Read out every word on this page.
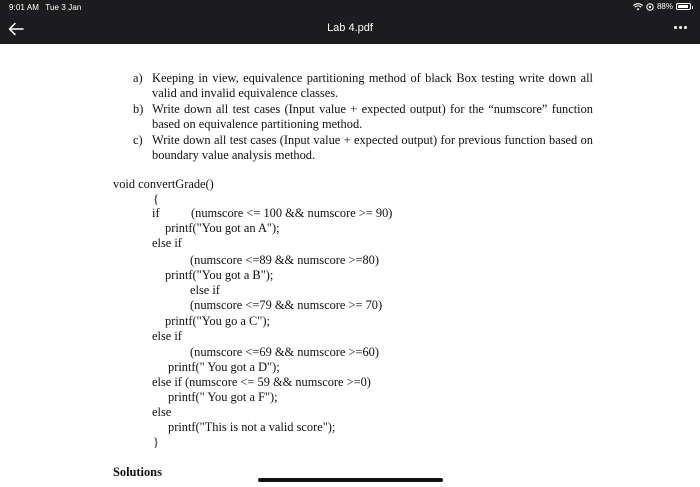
9:01 AM Tue 3 Jan	88%
Lab 4.pdf
a) Keeping in view, equivalence partitioning method of black Box testing write down all valid and invalid equivalence classes.
b) Write down all test cases (Input value + expected output) for the “numscore” function based on equivalence partitioning method.
c) Write down all test cases (Input value + expected output) for previous function based on boundary value analysis method.
void convertGrade()
{
if	(numscore <= 100 && numscore >= 90)
printf("You got an A");
else if
(numscore <=89 && numscore >=80)
printf("You got a B");
else if
(numscore <=79 && numscore >= 70)
printf("You go a C");
else if
(numscore <=69 && numscore >=60)
printf(" You got a D");
else if (numscore <= 59 && numscore >=0)
printf(" You got a F");
else
printf("This is not a valid score");
}
Solutions
